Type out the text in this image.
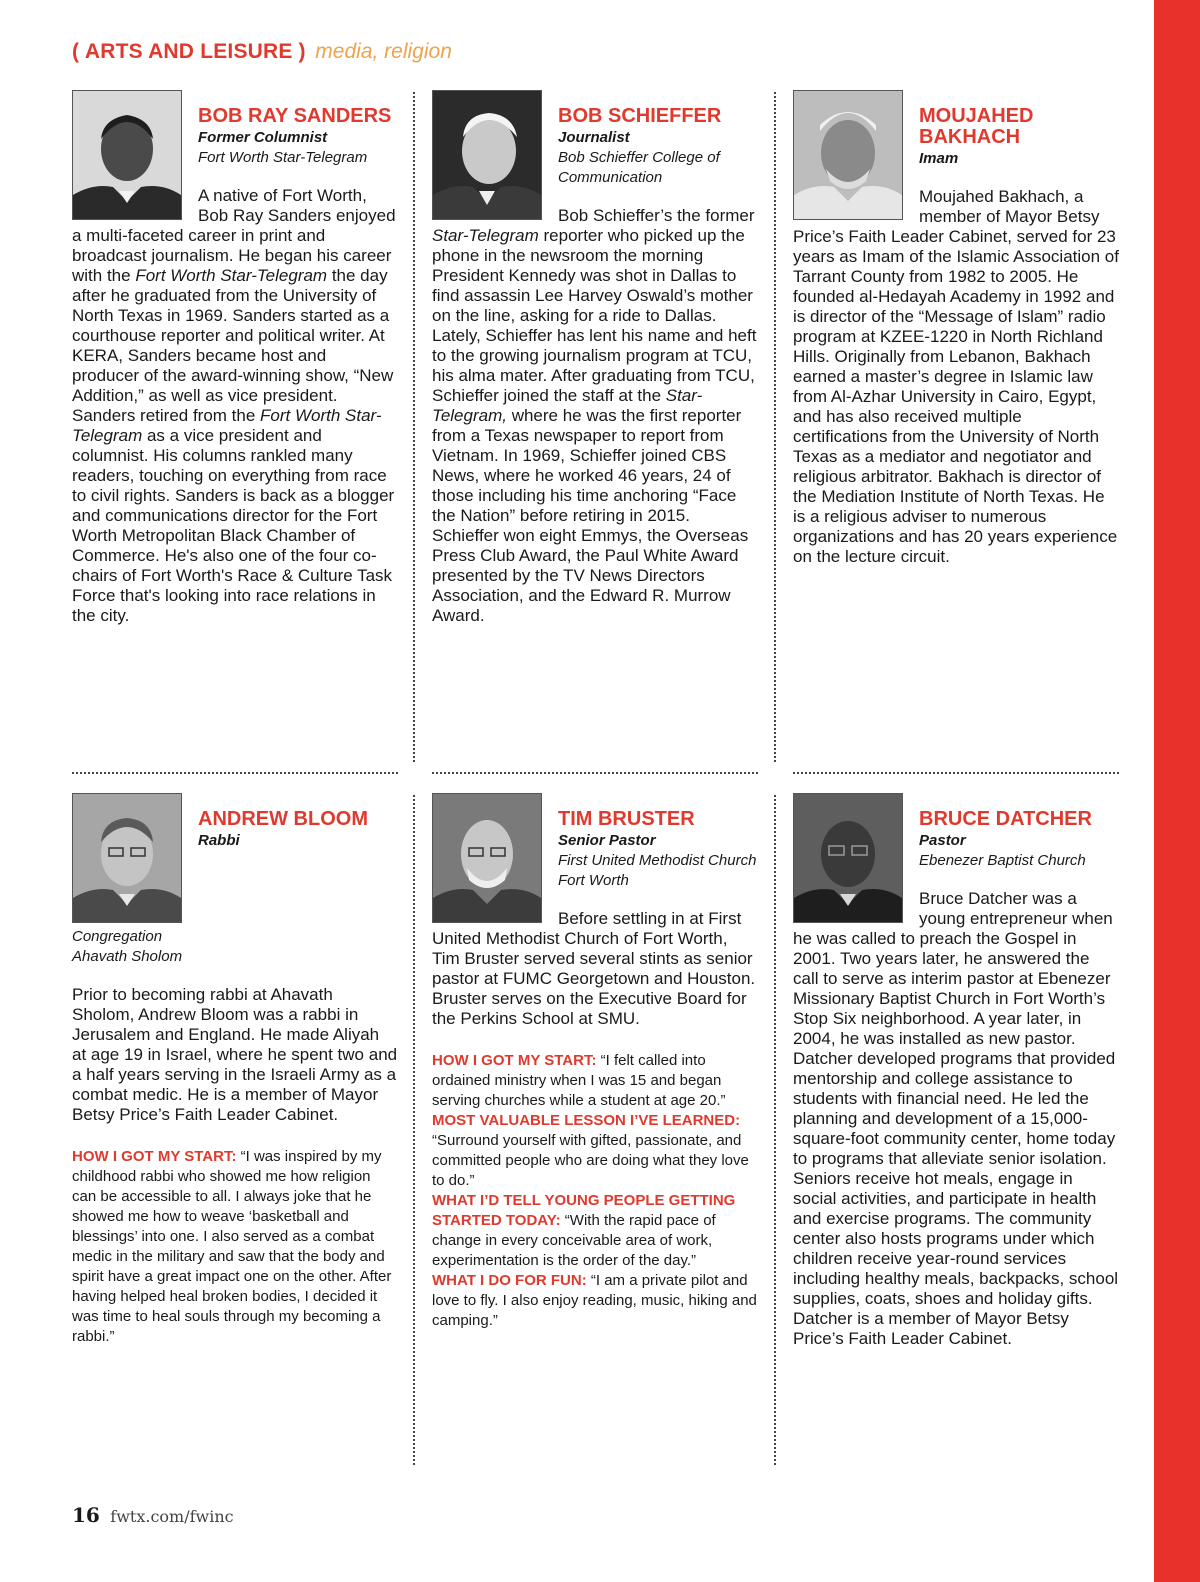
( ARTS AND LEISURE ) media, religion
BOB RAY SANDERS
Former Columnist
Fort Worth Star-Telegram
A native of Fort Worth, Bob Ray Sanders enjoyed a multi-faceted career in print and broadcast journalism. He began his career with the Fort Worth Star-Telegram the day after he graduated from the University of North Texas in 1969. Sanders started as a courthouse reporter and political writer. At KERA, Sanders became host and producer of the award-winning show, “New Addition,” as well as vice president. Sanders retired from the Fort Worth Star-Telegram as a vice president and columnist. His columns rankled many readers, touching on everything from race to civil rights. Sanders is back as a blogger and communications director for the Fort Worth Metropolitan Black Chamber of Commerce. He's also one of the four co-chairs of Fort Worth's Race & Culture Task Force that's looking into race relations in the city.
BOB SCHIEFFER
Journalist
Bob Schieffer College of Communication
Bob Schieffer’s the former Star-Telegram reporter who picked up the phone in the newsroom the morning President Kennedy was shot in Dallas to find assassin Lee Harvey Oswald’s mother on the line, asking for a ride to Dallas. Lately, Schieffer has lent his name and heft to the growing journalism program at TCU, his alma mater. After graduating from TCU, Schieffer joined the staff at the Star-Telegram, where he was the first reporter from a Texas newspaper to report from Vietnam. In 1969, Schieffer joined CBS News, where he worked 46 years, 24 of those including his time anchoring “Face the Nation” before retiring in 2015. Schieffer won eight Emmys, the Overseas Press Club Award, the Paul White Award presented by the TV News Directors Association, and the Edward R. Murrow Award.
MOUJAHED BAKHACH
Imam
Moujahed Bakhach, a member of Mayor Betsy Price’s Faith Leader Cabinet, served for 23 years as Imam of the Islamic Association of Tarrant County from 1982 to 2005. He founded al-Hedayah Academy in 1992 and is director of the “Message of Islam” radio program at KZEE-1220 in North Richland Hills. Originally from Lebanon, Bakhach earned a master’s degree in Islamic law from Al-Azhar University in Cairo, Egypt, and has also received multiple certifications from the University of North Texas as a mediator and negotiator and religious arbitrator. Bakhach is director of the Mediation Institute of North Texas. He is a religious adviser to numerous organizations and has 20 years experience on the lecture circuit.
ANDREW BLOOM
Rabbi
Congregation Ahavath Sholom
Prior to becoming rabbi at Ahavath Sholom, Andrew Bloom was a rabbi in Jerusalem and England. He made Aliyah at age 19 in Israel, where he spent two and a half years serving in the Israeli Army as a combat medic. He is a member of Mayor Betsy Price’s Faith Leader Cabinet.
HOW I GOT MY START: “I was inspired by my childhood rabbi who showed me how religion can be accessible to all. I always joke that he showed me how to weave ‘basketball and blessings’ into one. I also served as a combat medic in the military and saw that the body and spirit have a great impact one on the other. After having helped heal broken bodies, I decided it was time to heal souls through my becoming a rabbi.”
TIM BRUSTER
Senior Pastor
First United Methodist Church Fort Worth
Before settling in at First United Methodist Church of Fort Worth, Tim Bruster served several stints as senior pastor at FUMC Georgetown and Houston. Bruster serves on the Executive Board for the Perkins School at SMU.
HOW I GOT MY START: “I felt called into ordained ministry when I was 15 and began serving churches while a student at age 20.”
MOST VALUABLE LESSON I’VE LEARNED: “Surround yourself with gifted, passionate, and committed people who are doing what they love to do.”
WHAT I’D TELL YOUNG PEOPLE GETTING STARTED TODAY: “With the rapid pace of change in every conceivable area of work, experimentation is the order of the day.”
WHAT I DO FOR FUN: “I am a private pilot and love to fly. I also enjoy reading, music, hiking and camping.”
BRUCE DATCHER
Pastor
Ebenezer Baptist Church
Bruce Datcher was a young entrepreneur when he was called to preach the Gospel in 2001. Two years later, he answered the call to serve as interim pastor at Ebenezer Missionary Baptist Church in Fort Worth’s Stop Six neighborhood. A year later, in 2004, he was installed as new pastor. Datcher developed programs that provided mentorship and college assistance to students with financial need. He led the planning and development of a 15,000-square-foot community center, home today to programs that alleviate senior isolation. Seniors receive hot meals, engage in social activities, and participate in health and exercise programs. The community center also hosts programs under which children receive year-round services including healthy meals, backpacks, school supplies, coats, shoes and holiday gifts. Datcher is a member of Mayor Betsy Price’s Faith Leader Cabinet.
16 fwtx.com/fwinc
